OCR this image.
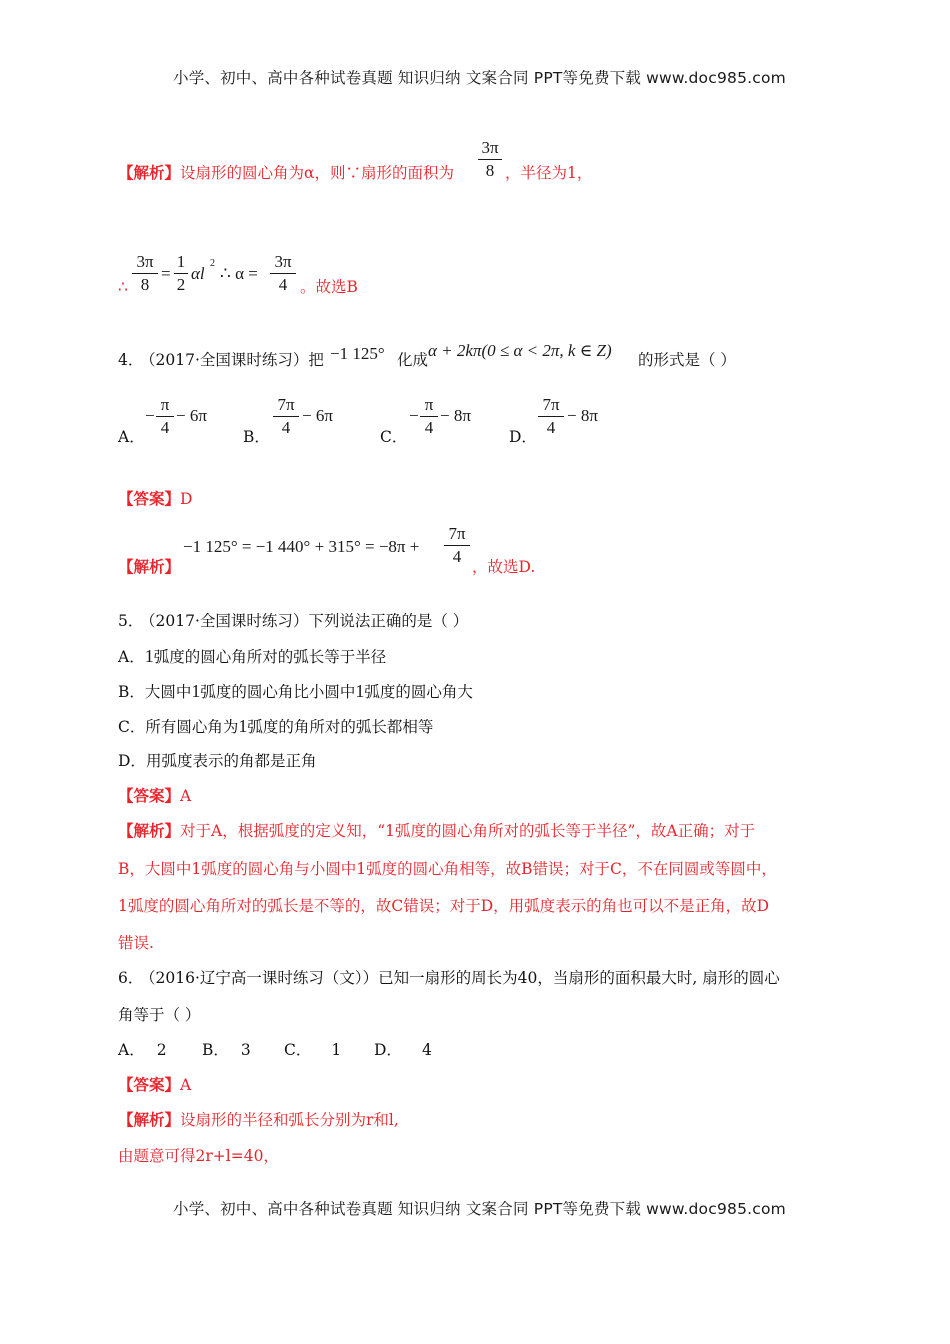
小学、初中、高中各种试卷真题 知识归纳 文案合同 PPT等免费下载 www.doc985.com
【解析】 设扇形的圆心角为α，则∵扇形的面积为
3π
8 ，半径为1，
∴
3π
8
=
1
2
αl
2
∴ α =
3π
4 。故选B
4．
（2017·全国课时练习）把 −1 125° 化成 α + 2kπ(0 ≤ α < 2π, k ∈ Z) 的形式是（ ）
A．
−
π
4
− 6π
B．
7π
4
− 6π
C．
−
π
4
− 8π
D．
7π
4
− 8π
【答案】 D
【解析】
−1 125° = −1 440° + 315° = −8π +
7π
4
，故选D.
5．
（2017·全国课时练习）下列说法正确的是（ ）
A．1弧度的圆心角所对的弧长等于半径
B．大圆中1弧度的圆心角比小圆中1弧度的圆心角大
C．所有圆心角为1弧度的角所对的弧长都相等
D．用弧度表示的角都是正角
【答案】 A
【解析】 对于A，根据弧度的定义知，“1弧度的圆心角所对的弧长等于半径”，故A正确；对于
B，大圆中1弧度的圆心角与小圆中1弧度的圆心角相等，故B错误；对于C，不在同圆或等圆中，
1弧度的圆心角所对的弧长是不等的，故C错误；对于D，用弧度表示的角也可以不是正角，故D
错误.
6．
（2016·辽宁高一课时练习（文））已知一扇形的周长为40，当扇形的面积最大时, 扇形的圆心
角等于（ ）
A． 2 B． 3 C． 1 D． 4
【答案】 A
【解析】 设扇形的半径和弧长分别为r和l,
由题意可得2r+l=40，
小学、初中、高中各种试卷真题 知识归纳 文案合同 PPT等免费下载 www.doc985.com
